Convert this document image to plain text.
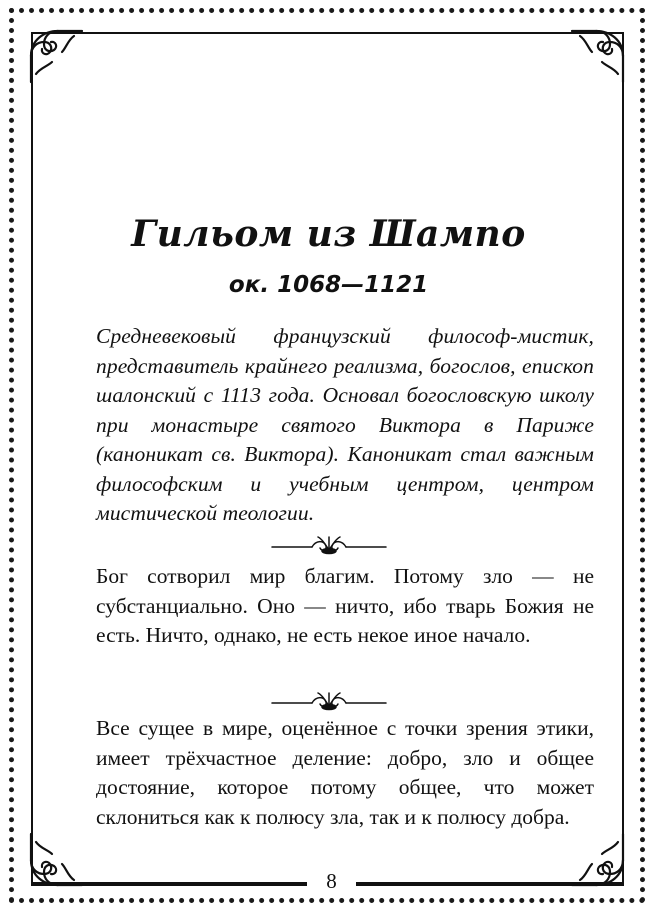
Гильом из Шампо

ок. 1068—1121

Средневековый французский философ-мистик, представитель крайнего реализма, богослов, епископ шалонский с 1113 года. Основал богословскую школу при монастыре святого Виктора в Париже (каноникат св. Виктора). Каноникат стал важным философским и учебным центром, центром мистической теологии.

Бог сотворил мир благим. Потому зло — не субстанциально. Оно — ничто, ибо тварь Божия не есть. Ничто, однако, не есть некое иное начало.

Все сущее в мире, оценённое с точки зрения этики, имеет трёхчастное деление: добро, зло и общее достояние, которое потому общее, что может склониться как к полюсу зла, так и к полюсу добра.

8
